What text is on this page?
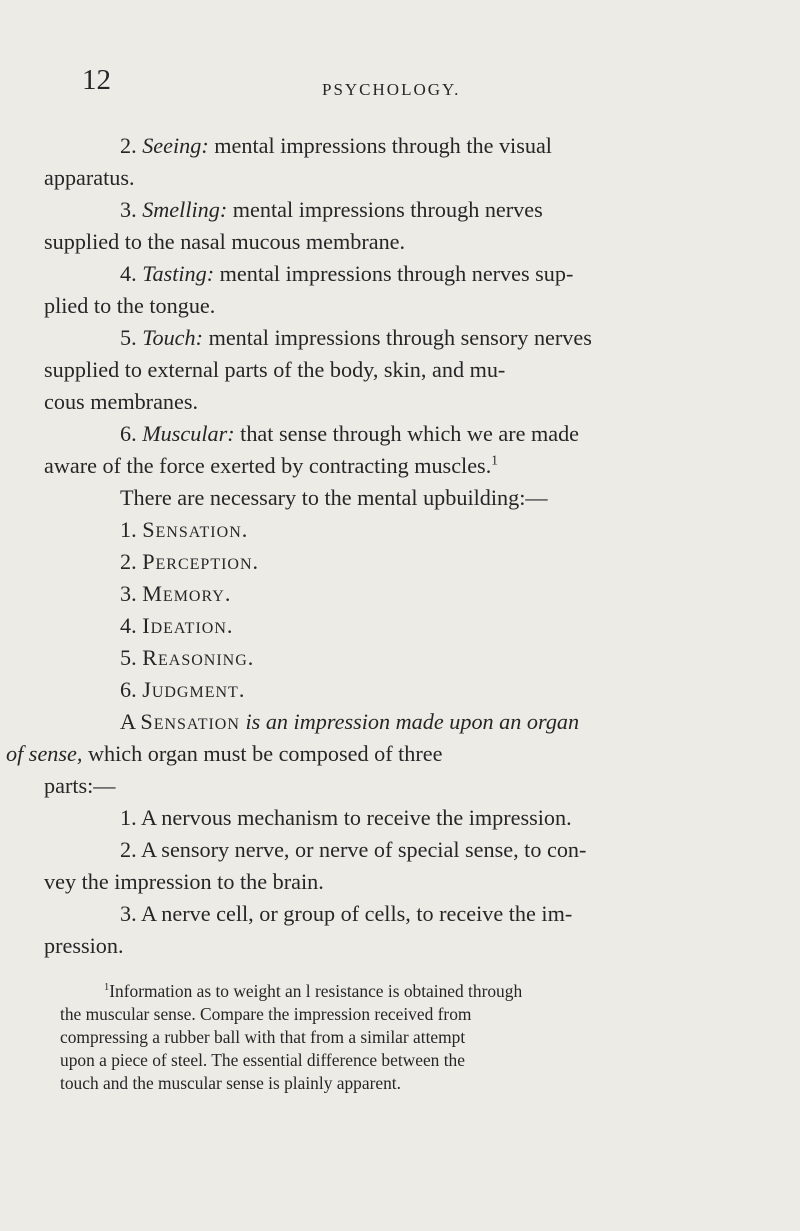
12	PSYCHOLOGY.

2. Seeing: mental impressions through the visual
apparatus.

3. Smelling: mental impressions through nerves
supplied to the nasal mucous membrane.

4. Tasting: mental impressions through nerves sup-
plied to the tongue.

5. Touch: mental impressions through sensory nerves
supplied to external parts of the body, skin, and mu-
cous membranes.

6. Muscular: that sense through which we are made
aware of the force exerted by contracting muscles.$^1$

There are necessary to the mental upbuilding:—

1. Sensation.

2. Perception.

3. Memory.

4. Ideation.

5. Reasoning.

6. Judgment.

A Sensation is an impression made upon an organ
of sense, which organ must be composed of three
parts:—

1. A nervous mechanism to receive the impression.

2. A sensory nerve, or nerve of special sense, to con-
vey the impression to the brain.

3. A nerve cell, or group of cells, to receive the im-
pression.

$^1$Information as to weight an l resistance is obtained through
the muscular sense. Compare the impression received from
compressing a rubber ball with that from a similar attempt
upon a piece of steel. The essential difference between the
touch and the muscular sense is plainly apparent.
